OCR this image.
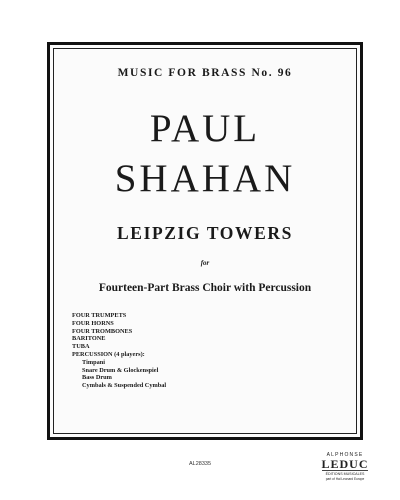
MUSIC FOR BRASS No. 96
PAUL
SHAHAN
LEIPZIG TOWERS
for
Fourteen-Part Brass Choir with Percussion
FOUR TRUMPETS
FOUR HORNS
FOUR TROMBONES
BARITONE
TUBA
PERCUSSION (4 players):
Timpani
Snare Drum & Glockenspiel
Bass Drum
Cymbals & Suspended Cymbal
AL28335
ALPHONSE
LEDUC
ÉDITIONS MUSICALES
part of Hal Leonard Europe
